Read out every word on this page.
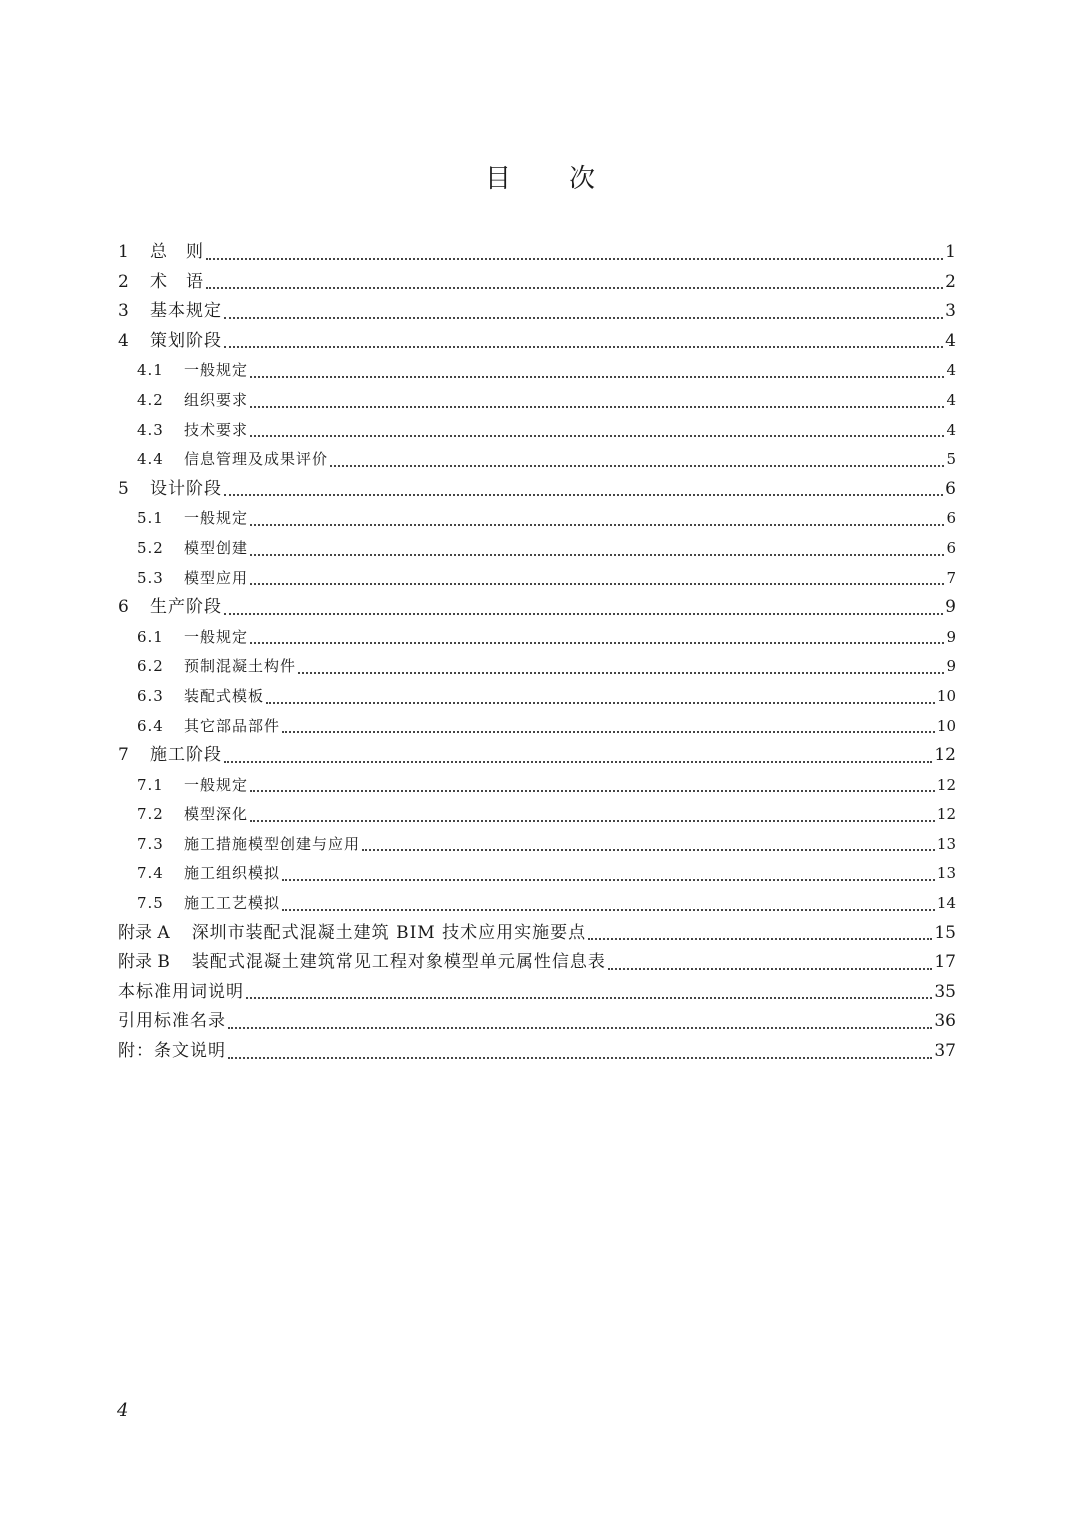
目 次
1	总　则	1
2	术　语	2
3	基本规定	3
4	策划阶段	4
4.1	一般规定	4
4.2	组织要求	4
4.3	技术要求	4
4.4	信息管理及成果评价	5
5	设计阶段	6
5.1	一般规定	6
5.2	模型创建	6
5.3	模型应用	7
6	生产阶段	9
6.1	一般规定	9
6.2	预制混凝土构件	9
6.3	装配式模板	10
6.4	其它部品部件	10
7	施工阶段	12
7.1	一般规定	12
7.2	模型深化	12
7.3	施工措施模型创建与应用	13
7.4	施工组织模拟	13
7.5	施工工艺模拟	14
附录 A 深圳市装配式混凝土建筑 BIM 技术应用实施要点	15
附录 B 装配式混凝土建筑常见工程对象模型单元属性信息表	17
本标准用词说明	35
引用标准名录	36
附：条文说明	37
4
